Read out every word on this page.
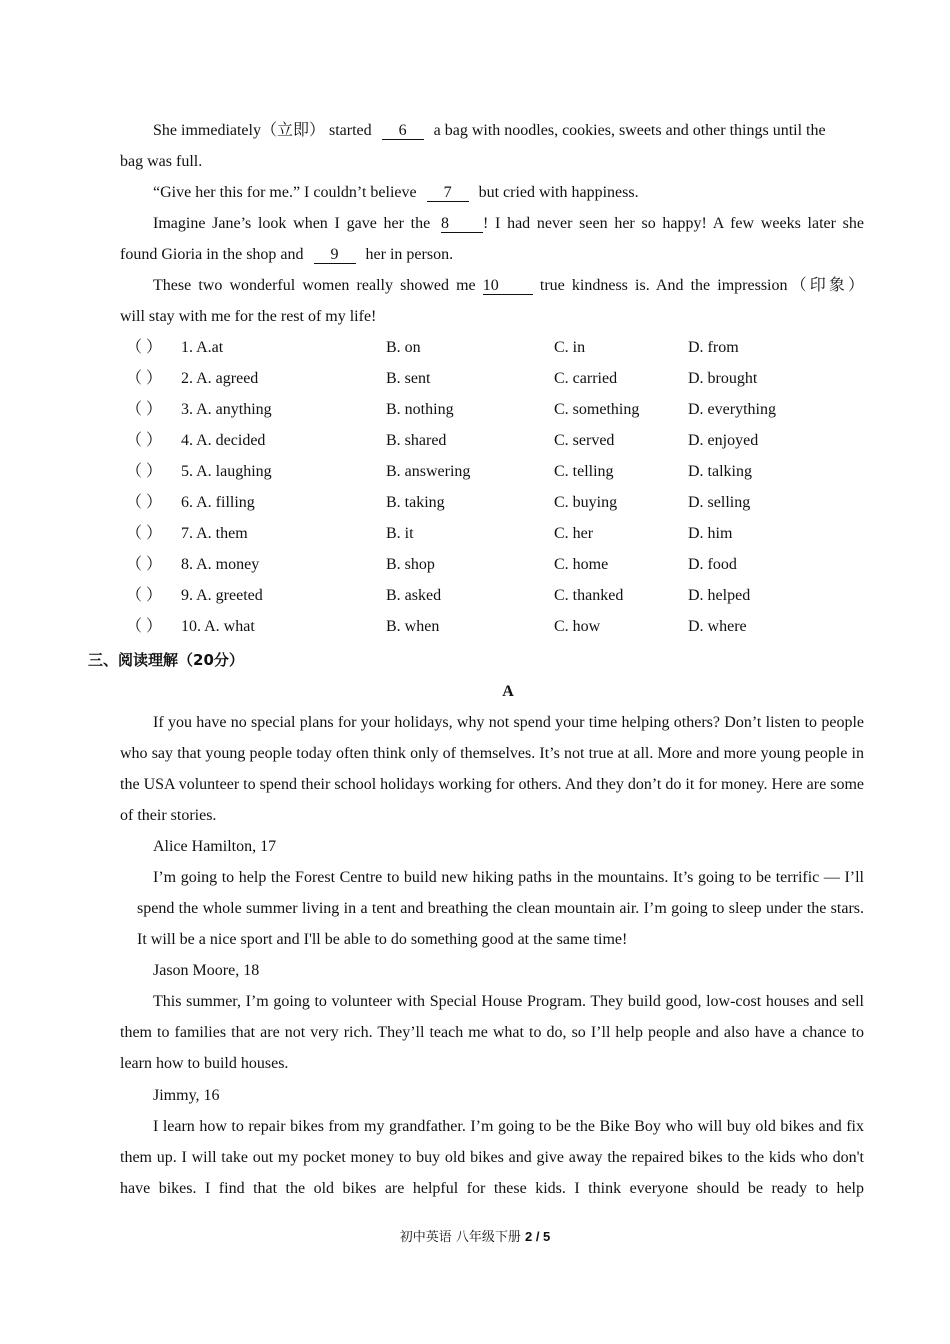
She immediately（立即） started 6 a bag with noodles, cookies, sweets and other things until the
bag was full.
“Give her this for me.” I couldn’t believe 7 but cried with happiness.
Imagine Jane’s look when I gave her the 8 ! I had never seen her so happy! A few weeks later she
found Gioria in the shop and 9 her in person.
These two wonderful women really showed me 10	true kindness is. And the impression（印象）
will stay with me for the rest of my life!
（ ） 1. A.at	B. on	C. in	D. from
（ ） 2. A. agreed	B. sent	C. carried	D. brought
（ ） 3. A. anything	B. nothing	C. something	D. everything
（ ） 4. A. decided	B. shared	C. served	D. enjoyed
（ ） 5. A. laughing	B. answering	C. telling	D. talking
（ ） 6. A. filling	B. taking	C. buying	D. selling
（ ） 7. A. them	B. it	C. her	D. him
（ ） 8. A. money	B. shop	C. home	D. food
（ ） 9. A. greeted	B. asked	C. thanked	D. helped
（ ） 10. A. what	B. when	C. how	D. where
三、阅读理解（20分）
A
If you have no special plans for your holidays, why not spend your time helping others? Don’t listen to people who say that young people today often think only of themselves. It’s not true at all. More and more young people in the USA volunteer to spend their school holidays working for others. And they don’t do it for money. Here are some of their stories.
Alice Hamilton, 17
I’m going to help the Forest Centre to build new hiking paths in the mountains. It’s going to be terrific — I’ll spend the whole summer living in a tent and breathing the clean mountain air. I’m going to sleep under the stars. It will be a nice sport and I'll be able to do something good at the same time!
Jason Moore, 18
This summer, I’m going to volunteer with Special House Program. They build good, low-cost houses and sell them to families that are not very rich. They’ll teach me what to do, so I’ll help people and also have a chance to learn how to build houses.
Jimmy, 16
I learn how to repair bikes from my grandfather. I’m going to be the Bike Boy who will buy old bikes and fix them up. I will take out my pocket money to buy old bikes and give away the repaired bikes to the kids who don't have bikes. I find that the old bikes are helpful for these kids. I think everyone should be ready to help
初中英语 八年级下册 2 / 5
